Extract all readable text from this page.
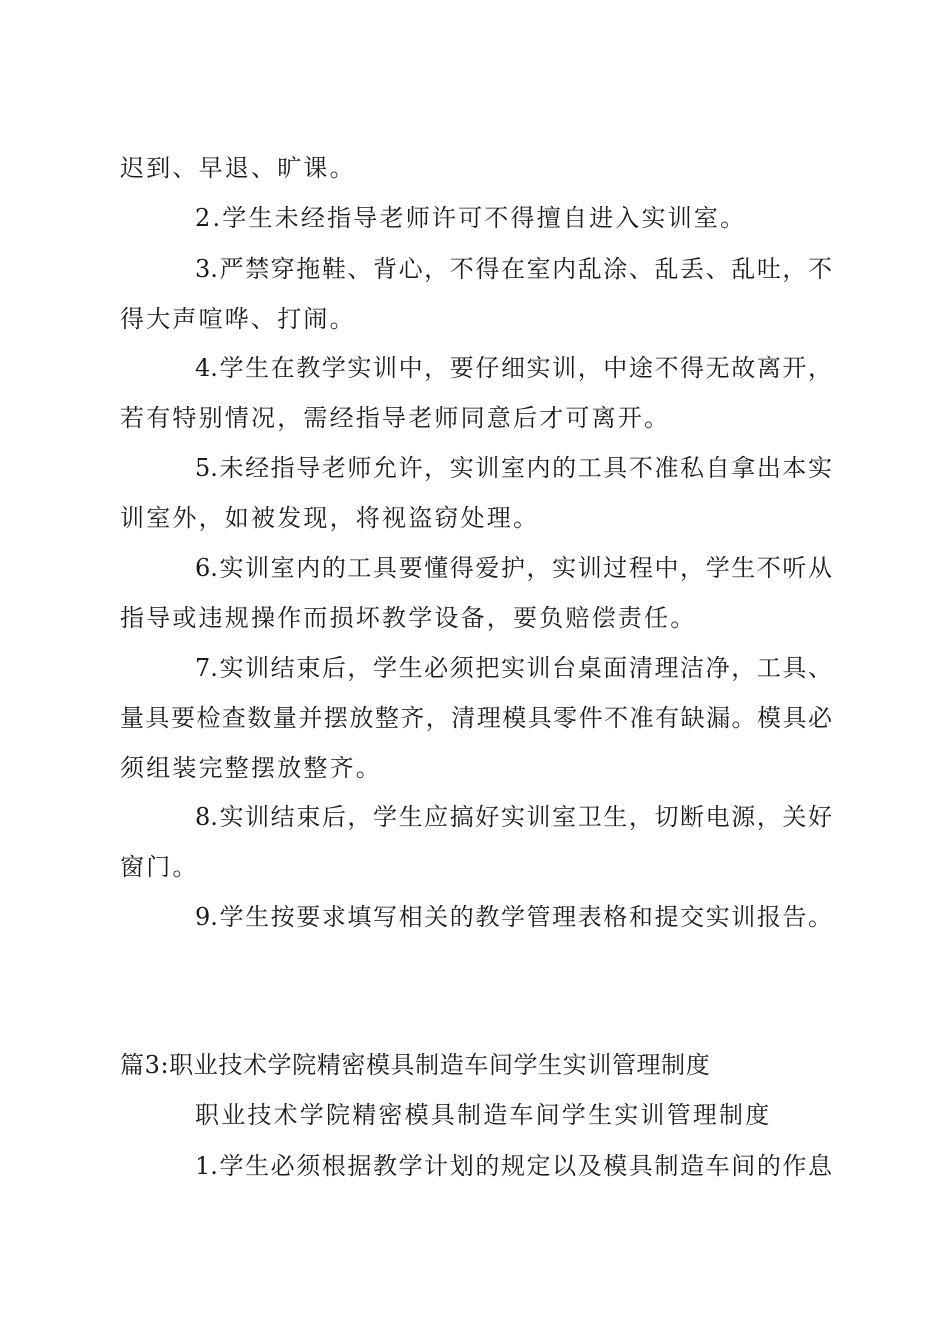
迟到、早退、旷课。
2.学生未经指导老师许可不得擅自进入实训室。
3.严禁穿拖鞋、背心，不得在室内乱涂、乱丢、乱吐，不
得大声喧哗、打闹。
4.学生在教学实训中，要仔细实训，中途不得无故离开，
若有特别情况，需经指导老师同意后才可离开。
5.未经指导老师允许，实训室内的工具不准私自拿出本实
训室外，如被发现，将视盗窃处理。
6.实训室内的工具要懂得爱护，实训过程中，学生不听从
指导或违规操作而损坏教学设备，要负赔偿责任。
7.实训结束后，学生必须把实训台桌面清理洁净，工具、
量具要检查数量并摆放整齐，清理模具零件不准有缺漏。模具必
须组装完整摆放整齐。
8.实训结束后，学生应搞好实训室卫生，切断电源，关好
窗门。
9.学生按要求填写相关的教学管理表格和提交实训报告。
篇3:职业技术学院精密模具制造车间学生实训管理制度
职业技术学院精密模具制造车间学生实训管理制度
1.学生必须根据教学计划的规定以及模具制造车间的作息
